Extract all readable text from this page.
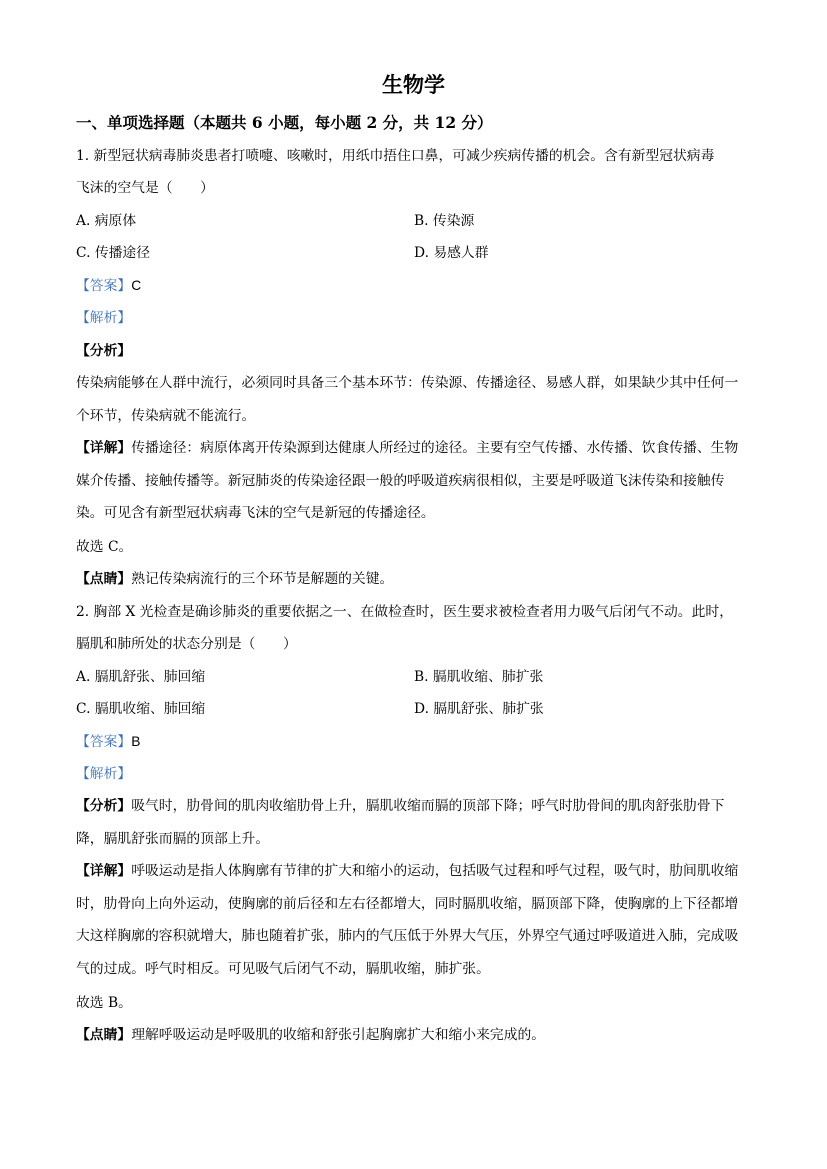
生物学
一、单项选择题（本题共 6 小题，每小题 2 分，共 12 分）
1. 新型冠状病毒肺炎患者打喷嚏、咳嗽时，用纸巾捂住口鼻，可减少疾病传播的机会。含有新型冠状病毒
飞沫的空气是（　　）
A. 病原体	B. 传染源
C. 传播途径	D. 易感人群
【答案】C
【解析】
【分析】
传染病能够在人群中流行，必须同时具备三个基本环节：传染源、传播途径、易感人群，如果缺少其中任何一个环节，传染病就不能流行。
【详解】传播途径：病原体离开传染源到达健康人所经过的途径。主要有空气传播、水传播、饮食传播、生物媒介传播、接触传播等。新冠肺炎的传染途径跟一般的呼吸道疾病很相似，主要是呼吸道飞沫传染和接触传染。可见含有新型冠状病毒飞沫的空气是新冠的传播途径。
故选 C。
【点睛】熟记传染病流行的三个环节是解题的关键。
2. 胸部 X 光检查是确诊肺炎的重要依据之一、在做检查时，医生要求被检查者用力吸气后闭气不动。此时，
膈肌和肺所处的状态分别是（　　）
A. 膈肌舒张、肺回缩	B. 膈肌收缩、肺扩张
C. 膈肌收缩、肺回缩	D. 膈肌舒张、肺扩张
【答案】B
【解析】
【分析】吸气时，肋骨间的肌肉收缩肋骨上升，膈肌收缩而膈的顶部下降；呼气时肋骨间的肌肉舒张肋骨下降，膈肌舒张而膈的顶部上升。
【详解】呼吸运动是指人体胸廓有节律的扩大和缩小的运动，包括吸气过程和呼气过程，吸气时，肋间肌收缩时，肋骨向上向外运动，使胸廓的前后径和左右径都增大，同时膈肌收缩，膈顶部下降，使胸廓的上下径都增大这样胸廓的容积就增大，肺也随着扩张，肺内的气压低于外界大气压，外界空气通过呼吸道进入肺，完成吸气的过成。呼气时相反。可见吸气后闭气不动，膈肌收缩，肺扩张。
故选 B。
【点睛】理解呼吸运动是呼吸肌的收缩和舒张引起胸廓扩大和缩小来完成的。
